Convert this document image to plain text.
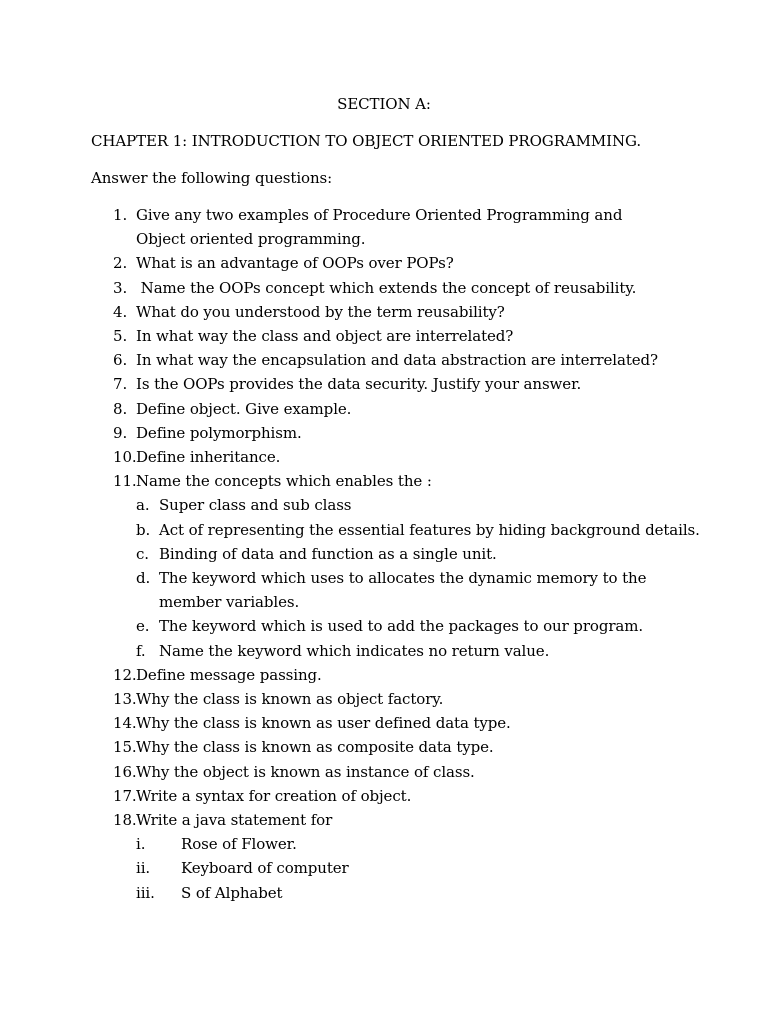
SECTION A:
CHAPTER 1: INTRODUCTION TO OBJECT ORIENTED PROGRAMMING.
Answer the following questions:
1. Give any two examples of Procedure Oriented Programming and Object oriented programming.
2. What is an advantage of OOPs over POPs?
3. Name the OOPs concept which extends the concept of reusability.
4. What do you understood by the term reusability?
5. In what way the class and object are interrelated?
6. In what way the encapsulation and data abstraction are interrelated?
7. Is the OOPs provides the data security. Justify your answer.
8. Define object. Give example.
9. Define polymorphism.
10. Define inheritance.
11. Name the concepts which enables the :
a. Super class and sub class
b. Act of representing the essential features by hiding background details.
c. Binding of data and function as a single unit.
d. The keyword which uses to allocates the dynamic memory to the member variables.
e. The keyword which is used to add the packages to our program.
f. Name the keyword which indicates no return value.
12. Define message passing.
13. Why the class is known as object factory.
14. Why the class is known as user defined data type.
15. Why the class is known as composite data type.
16. Why the object is known as instance of class.
17. Write a syntax for creation of object.
18. Write a java statement for
i. Rose of Flower.
ii. Keyboard of computer
iii. S of Alphabet
